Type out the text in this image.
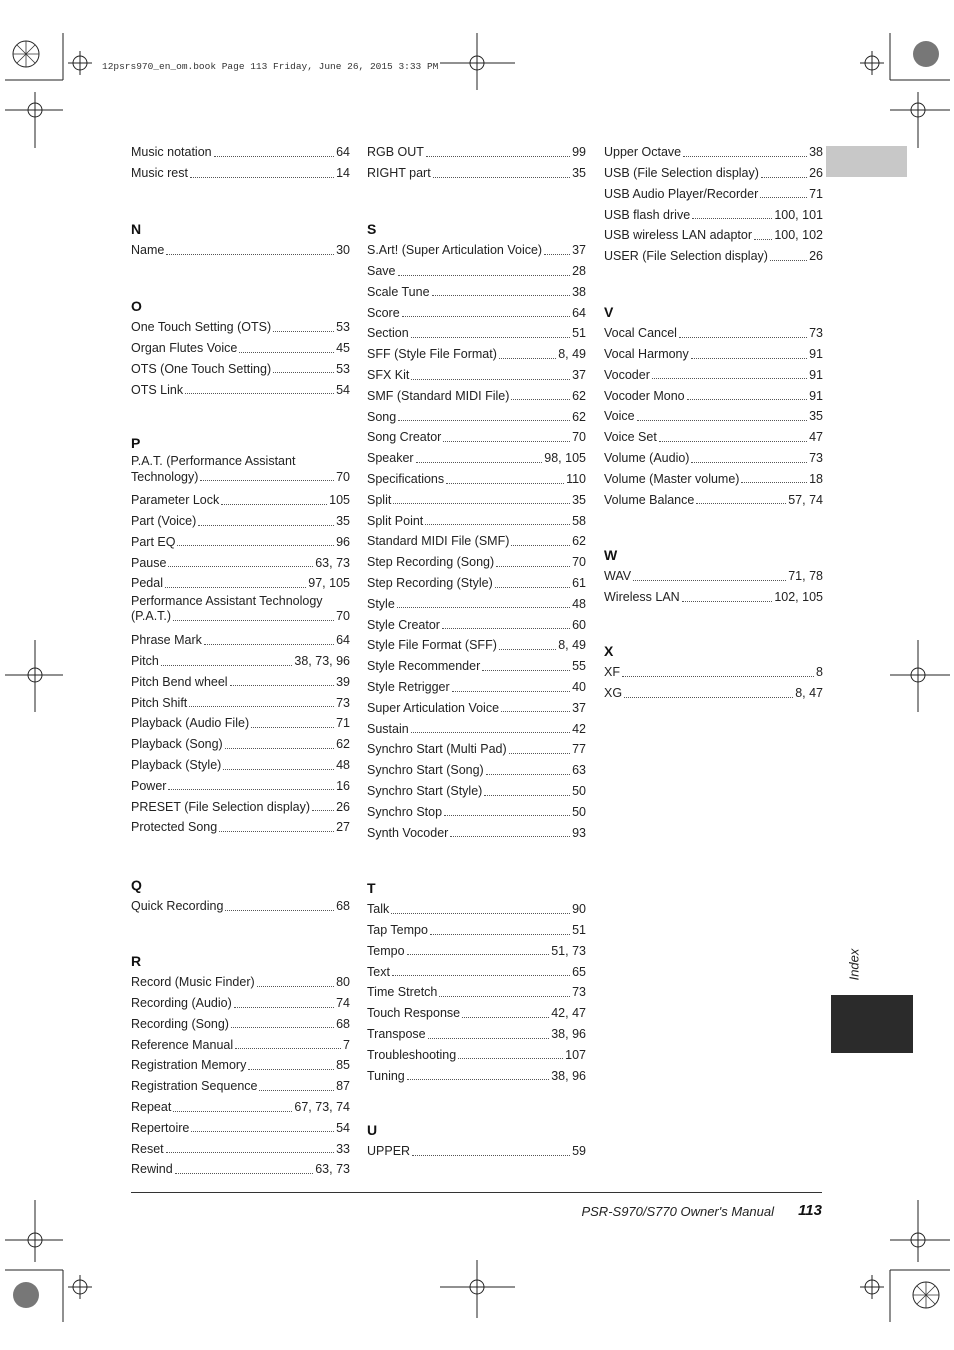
12psrs970_en_om.book Page 113 Friday, June 26, 2015 3:33 PM
Index
Music notation	64
Music rest	14
N
Name	30
O
One Touch Setting (OTS)	53
Organ Flutes Voice	45
OTS (One Touch Setting)	53
OTS Link	54
P
P.A.T. (Performance Assistant
Technology)	70
Parameter Lock	105
Part (Voice)	35
Part EQ	96
Pause	63, 73
Pedal	97, 105
Performance Assistant Technology
(P.A.T.)	70
Phrase Mark	64
Pitch	38, 73, 96
Pitch Bend wheel	39
Pitch Shift	73
Playback (Audio File)	71
Playback (Song)	62
Playback (Style)	48
Power	16
PRESET (File Selection display) 26
Protected Song	27
Q
Quick Recording	68
R
Record (Music Finder)	80
Recording (Audio)	74
Recording (Song)	68
Reference Manual	7
Registration Memory	85
Registration Sequence	87
Repeat	67, 73, 74
Repertoire	54
Reset	33
Rewind	63, 73
RGB OUT	99
RIGHT part	35
S
S.Art! (Super Articulation Voice) 37
Save	28
Scale Tune	38
Score	64
Section	51
SFF (Style File Format)	8, 49
SFX Kit	37
SMF (Standard MIDI File)	62
Song	62
Song Creator	70
Speaker	98, 105
Specifications	110
Split	35
Split Point	58
Standard MIDI File (SMF)	62
Step Recording (Song)	70
Step Recording (Style)	61
Style	48
Style Creator	60
Style File Format (SFF)	8, 49
Style Recommender	55
Style Retrigger	40
Super Articulation Voice	37
Sustain	42
Synchro Start (Multi Pad)	77
Synchro Start (Song)	63
Synchro Start (Style)	50
Synchro Stop	50
Synth Vocoder	93
T
Talk	90
Tap Tempo	51
Tempo	51, 73
Text	65
Time Stretch	73
Touch Response	42, 47
Transpose	38, 96
Troubleshooting	107
Tuning	38, 96
U
UPPER	59
Upper Octave	38
USB (File Selection display)	26
USB Audio Player/Recorder	71
USB flash drive	100, 101
USB wireless LAN adaptor 100, 102
USER (File Selection display)	26
V
Vocal Cancel	73
Vocal Harmony	91
Vocoder	91
Vocoder Mono	91
Voice	35
Voice Set	47
Volume (Audio)	73
Volume (Master volume)	18
Volume Balance	57, 74
W
WAV	71, 78
Wireless LAN	102, 105
X
XF	8
XG	8, 47
PSR-S970/S770 Owner's Manual	113
